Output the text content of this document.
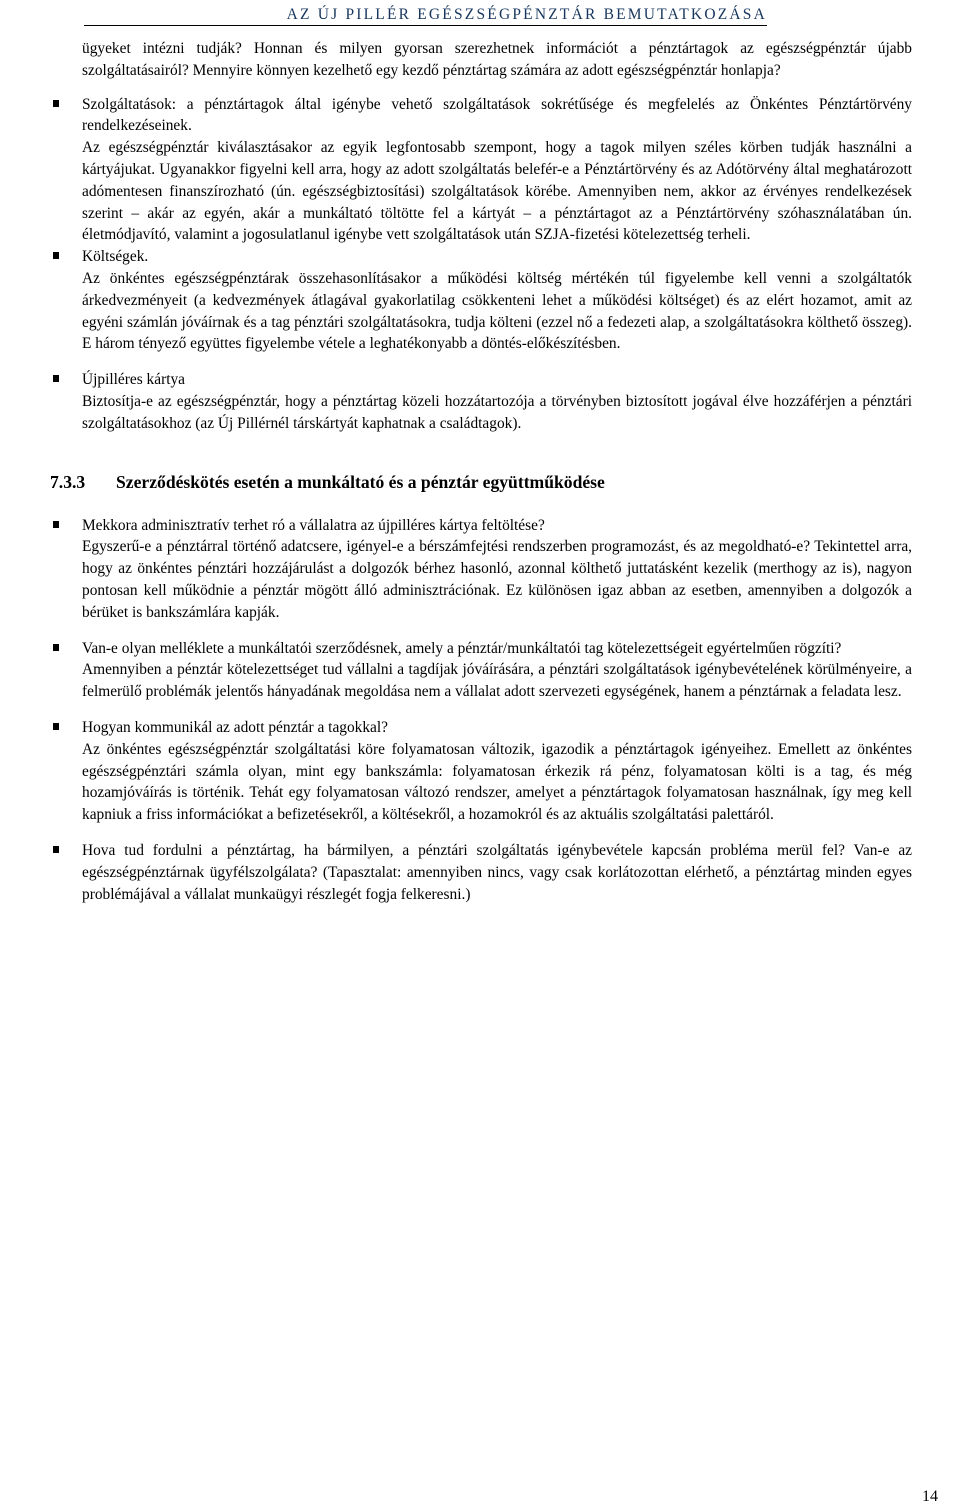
AZ ÚJ PILLÉR EGÉSZSÉGPÉNZTÁR BEMUTATKOZÁSA

ügyeket intézni tudják? Honnan és milyen gyorsan szerezhetnek információt a pénztártagok az egészségpénztár újabb szolgáltatásairól? Mennyire könnyen kezelhető egy kezdő pénztártag számára az adott egészségpénztár honlapja?

Szolgáltatások: a pénztártagok által igénybe vehető szolgáltatások sokrétűsége és megfelelés az Önkéntes Pénztártörvény rendelkezéseinek.

Az egészségpénztár kiválasztásakor az egyik legfontosabb szempont, hogy a tagok milyen széles körben tudják használni a kártyájukat. Ugyanakkor figyelni kell arra, hogy az adott szolgáltatás belefér-e a Pénztártörvény és az Adótörvény által meghatározott adómentesen finanszírozható (ún. egészségbiztosítási) szolgáltatások körébe. Amennyiben nem, akkor az érvényes rendelkezések szerint – akár az egyén, akár a munkáltató töltötte fel a kártyát – a pénztártagot az a Pénztártörvény szóhasználatában ún. életmódjavító, valamint a jogosulatlanul igénybe vett szolgáltatások után SZJA-fizetési kötelezettség terheli.

Költségek.

Az önkéntes egészségpénztárak összehasonlításakor a működési költség mértékén túl figyelembe kell venni a szolgáltatók árkedvezményeit (a kedvezmények átlagával gyakorlatilag csökkenteni lehet a működési költséget) és az elért hozamot, amit az egyéni számlán jóváírnak és a tag pénztári szolgáltatásokra, tudja költeni (ezzel nő a fedezeti alap, a szolgáltatásokra költhető összeg). E három tényező együttes figyelembe vétele a leghatékonyabb a döntés-előkészítésben.

Újpilléres kártya

Biztosítja-e az egészségpénztár, hogy a pénztártag közeli hozzátartozója a törvényben biztosított jogával élve hozzáférjen a pénztári szolgáltatásokhoz (az Új Pillérnél társkártyát kaphatnak a családtagok).

7.3.3 Szerződéskötés esetén a munkáltató és a pénztár együttműködése

Mekkora adminisztratív terhet ró a vállalatra az újpilléres kártya feltöltése?

Egyszerű-e a pénztárral történő adatcsere, igényel-e a bérszámfejtési rendszerben programozást, és az megoldható-e? Tekintettel arra, hogy az önkéntes pénztári hozzájárulást a dolgozók bérhez hasonló, azonnal költhető juttatásként kezelik (merthogy az is), nagyon pontosan kell működnie a pénztár mögött álló adminisztrációnak. Ez különösen igaz abban az esetben, amennyiben a dolgozók a bérüket is bankszámlára kapják.

Van-e olyan melléklete a munkáltatói szerződésnek, amely a pénztár/munkáltatói tag kötelezettségeit egyértelműen rögzíti?

Amennyiben a pénztár kötelezettséget tud vállalni a tagdíjak jóváírására, a pénztári szolgáltatások igénybevételének körülményeire, a felmerülő problémák jelentős hányadának megoldása nem a vállalat adott szervezeti egységének, hanem a pénztárnak a feladata lesz.

Hogyan kommunikál az adott pénztár a tagokkal?

Az önkéntes egészségpénztár szolgáltatási köre folyamatosan változik, igazodik a pénztártagok igényeihez. Emellett az önkéntes egészségpénztári számla olyan, mint egy bankszámla: folyamatosan érkezik rá pénz, folyamatosan költi is a tag, és még hozamjóváírás is történik. Tehát egy folyamatosan változó rendszer, amelyet a pénztártagok folyamatosan használnak, így meg kell kapniuk a friss információkat a befizetésekről, a költésekről, a hozamokról és az aktuális szolgáltatási palettáról.

Hova tud fordulni a pénztártag, ha bármilyen, a pénztári szolgáltatás igénybevétele kapcsán probléma merül fel? Van-e az egészségpénztárnak ügyfélszolgálata? (Tapasztalat: amennyiben nincs, vagy csak korlátozottan elérhető, a pénztártag minden egyes problémájával a vállalat munkaügyi részlegét fogja felkeresni.)

14
